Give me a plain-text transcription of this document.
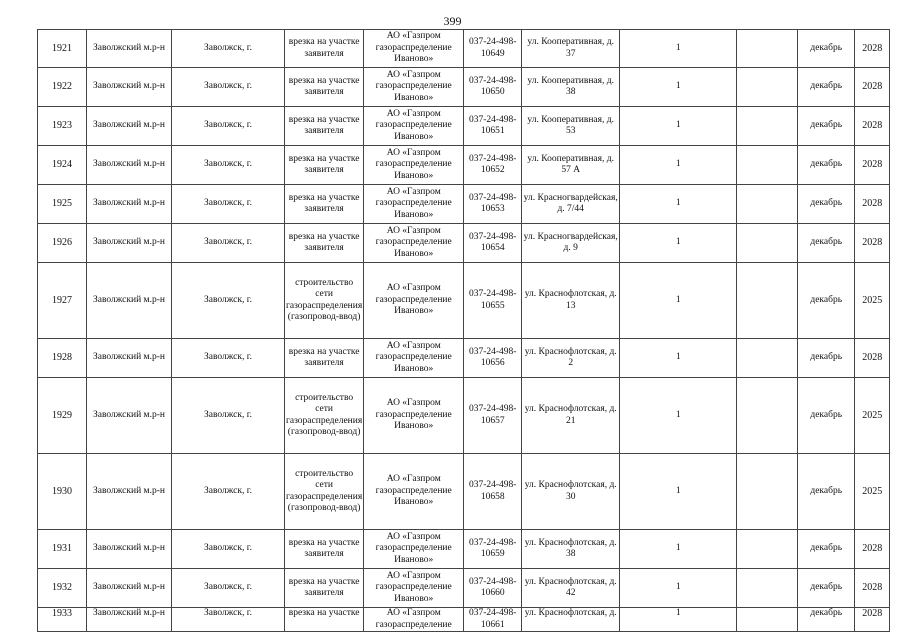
399
1921	Заволжский м.р-н	Заволжск, г.	врезка на участке заявителя	АО «Газпром газораспределение Иваново»	037-24-498-10649	ул. Кооперативная, д. 37	1		декабрь	2028
1922	Заволжский м.р-н	Заволжск, г.	врезка на участке заявителя	АО «Газпром газораспределение Иваново»	037-24-498-10650	ул. Кооперативная, д. 38	1		декабрь	2028
1923	Заволжский м.р-н	Заволжск, г.	врезка на участке заявителя	АО «Газпром газораспределение Иваново»	037-24-498-10651	ул. Кооперативная, д. 53	1		декабрь	2028
1924	Заволжский м.р-н	Заволжск, г.	врезка на участке заявителя	АО «Газпром газораспределение Иваново»	037-24-498-10652	ул. Кооперативная, д. 57 А	1		декабрь	2028
1925	Заволжский м.р-н	Заволжск, г.	врезка на участке заявителя	АО «Газпром газораспределение Иваново»	037-24-498-10653	ул. Красногвардейская, д. 7/44	1		декабрь	2028
1926	Заволжский м.р-н	Заволжск, г.	врезка на участке заявителя	АО «Газпром газораспределение Иваново»	037-24-498-10654	ул. Красногвардейская, д. 9	1		декабрь	2028
1927	Заволжский м.р-н	Заволжск, г.	строительство сети газораспределения (газопровод-ввод)	АО «Газпром газораспределение Иваново»	037-24-498-10655	ул. Краснофлотская, д. 13	1		декабрь	2025
1928	Заволжский м.р-н	Заволжск, г.	врезка на участке заявителя	АО «Газпром газораспределение Иваново»	037-24-498-10656	ул. Краснофлотская, д. 2	1		декабрь	2028
1929	Заволжский м.р-н	Заволжск, г.	строительство сети газораспределения (газопровод-ввод)	АО «Газпром газораспределение Иваново»	037-24-498-10657	ул. Краснофлотская, д. 21	1		декабрь	2025
1930	Заволжский м.р-н	Заволжск, г.	строительство сети газораспределения (газопровод-ввод)	АО «Газпром газораспределение Иваново»	037-24-498-10658	ул. Краснофлотская, д. 30	1		декабрь	2025
1931	Заволжский м.р-н	Заволжск, г.	врезка на участке заявителя	АО «Газпром газораспределение Иваново»	037-24-498-10659	ул. Краснофлотская, д. 38	1		декабрь	2028
1932	Заволжский м.р-н	Заволжск, г.	врезка на участке заявителя	АО «Газпром газораспределение Иваново»	037-24-498-10660	ул. Краснофлотская, д. 42	1		декабрь	2028
1933	Заволжский м.р-н	Заволжск, г.	врезка на участке	АО «Газпром газораспределение	037-24-498-10661	ул. Краснофлотская, д.	1		декабрь	2028
